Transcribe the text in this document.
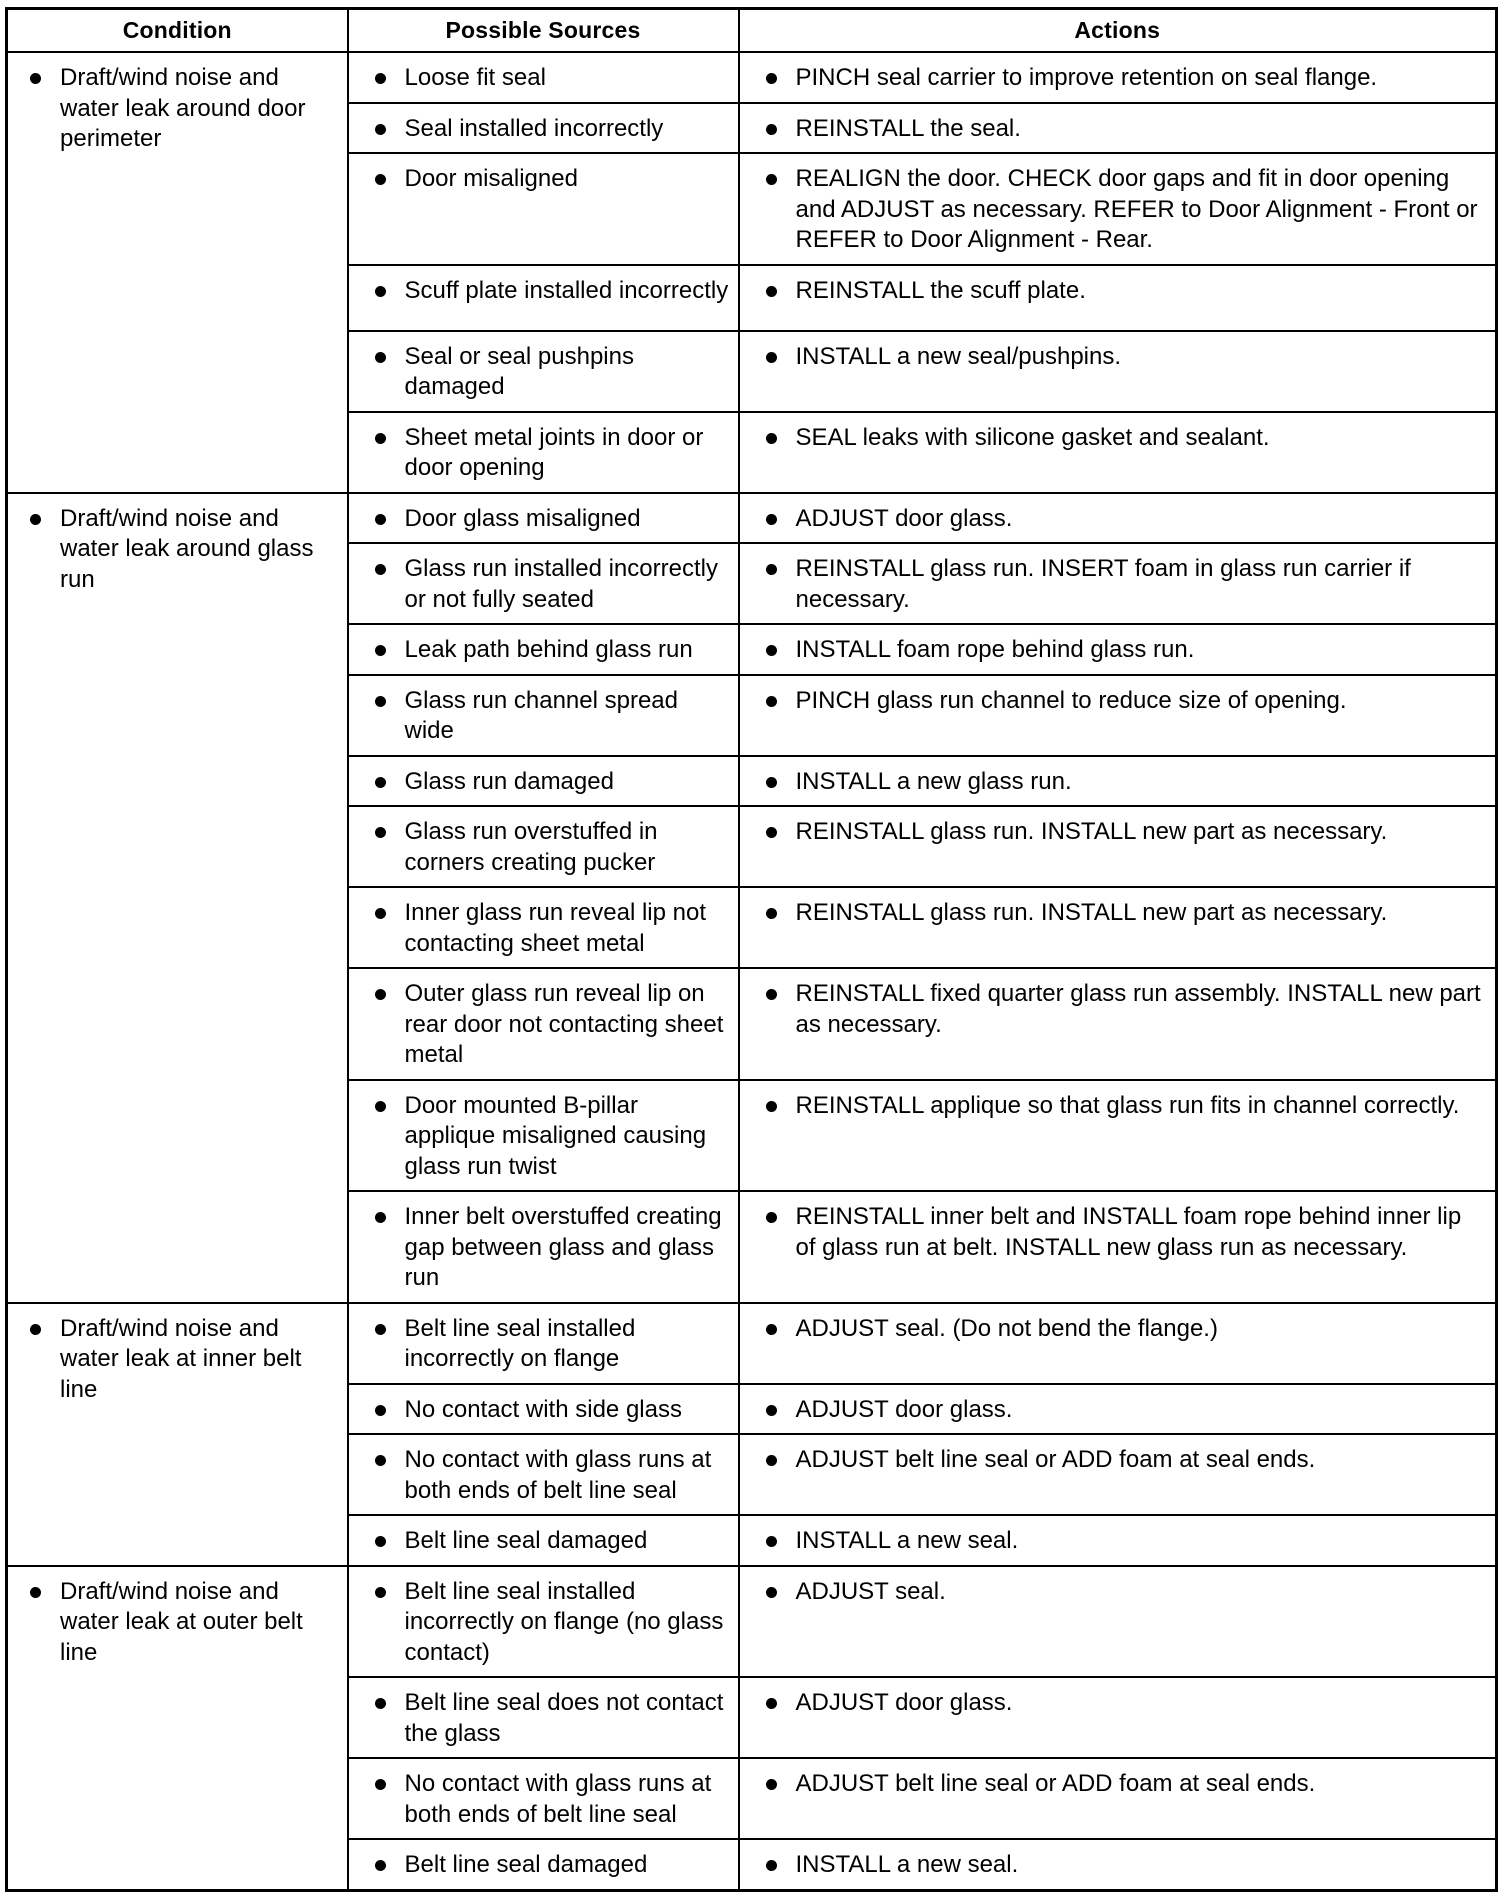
Condition	Possible Sources	Actions

Draft/wind noise and water leak around door perimeter	Loose fit seal	PINCH seal carrier to improve retention on seal flange.

	Seal installed incorrectly	REINSTALL the seal.

	Door misaligned	REALIGN the door. CHECK door gaps and fit in door opening and ADJUST as necessary. REFER to Door Alignment - Front or REFER to Door Alignment - Rear.

	Scuff plate installed incorrectly	REINSTALL the scuff plate.

	Seal or seal pushpins damaged	INSTALL a new seal/pushpins.

	Sheet metal joints in door or door opening	SEAL leaks with silicone gasket and sealant.

Draft/wind noise and water leak around glass run	Door glass misaligned	ADJUST door glass.

	Glass run installed incorrectly or not fully seated	REINSTALL glass run. INSERT foam in glass run carrier if necessary.

	Leak path behind glass run	INSTALL foam rope behind glass run.

	Glass run channel spread wide	PINCH glass run channel to reduce size of opening.

	Glass run damaged	INSTALL a new glass run.

	Glass run overstuffed in corners creating pucker	REINSTALL glass run. INSTALL new part as necessary.

	Inner glass run reveal lip not contacting sheet metal	REINSTALL glass run. INSTALL new part as necessary.

	Outer glass run reveal lip on rear door not contacting sheet metal	REINSTALL fixed quarter glass run assembly. INSTALL new part as necessary.

	Door mounted B-pillar applique misaligned causing glass run twist	REINSTALL applique so that glass run fits in channel correctly.

	Inner belt overstuffed creating gap between glass and glass run	REINSTALL inner belt and INSTALL foam rope behind inner lip of glass run at belt. INSTALL new glass run as necessary.

Draft/wind noise and water leak at inner belt line	Belt line seal installed incorrectly on flange	ADJUST seal. (Do not bend the flange.)

	No contact with side glass	ADJUST door glass.

	No contact with glass runs at both ends of belt line seal	ADJUST belt line seal or ADD foam at seal ends.

	Belt line seal damaged	INSTALL a new seal.

Draft/wind noise and water leak at outer belt line	Belt line seal installed incorrectly on flange (no glass contact)	ADJUST seal.

	Belt line seal does not contact the glass	ADJUST door glass.

	No contact with glass runs at both ends of belt line seal	ADJUST belt line seal or ADD foam at seal ends.

	Belt line seal damaged	INSTALL a new seal.
